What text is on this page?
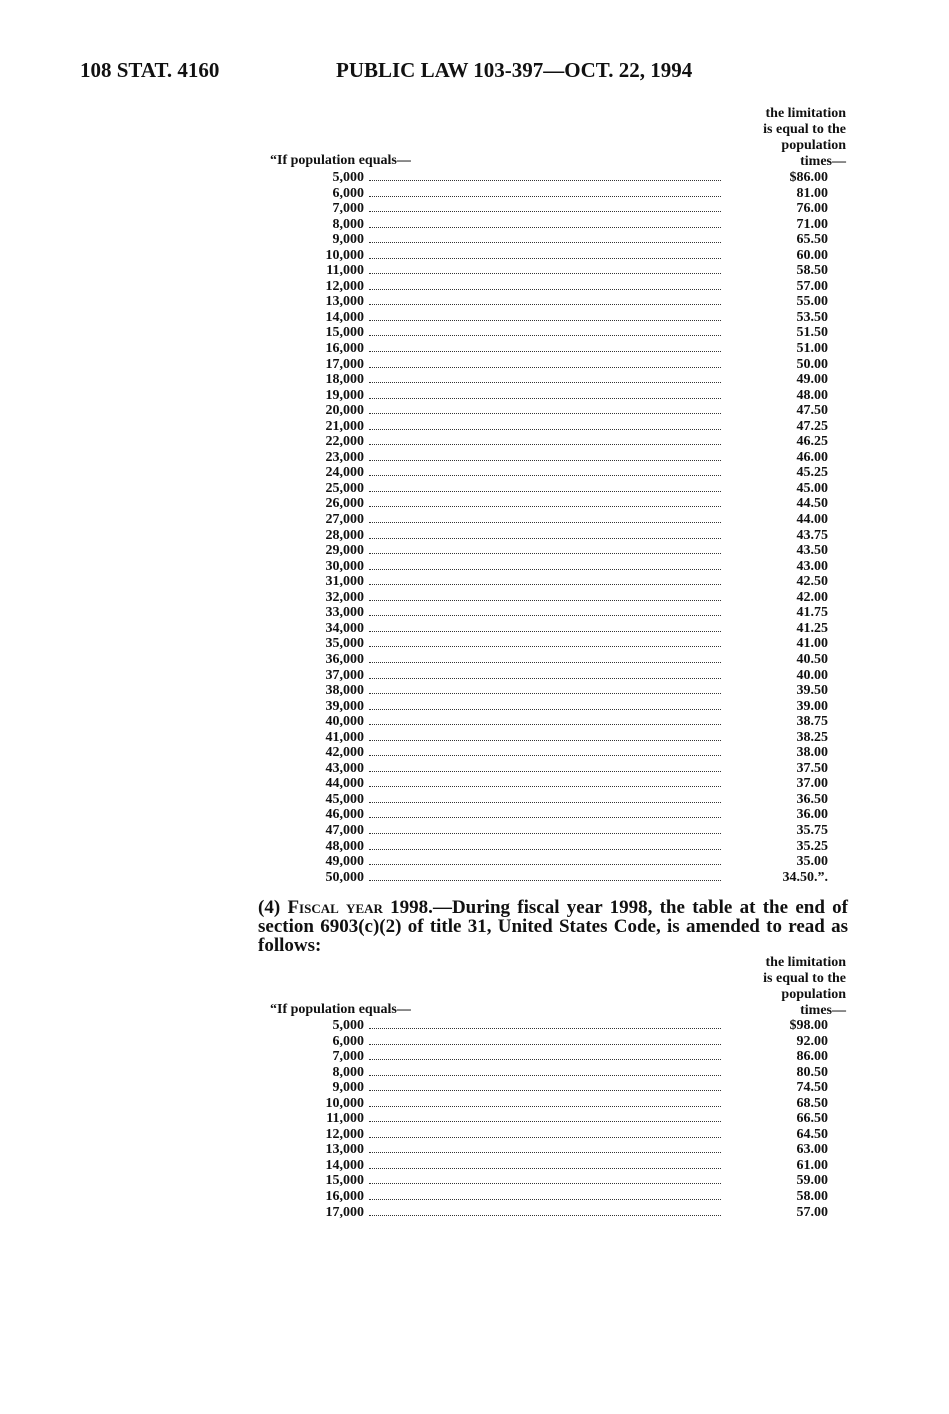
108 STAT. 4160	PUBLIC LAW 103-397—OCT. 22, 1994
the limitation
is equal to the
population
times—
“If population equals—
5,000	$86.00
6,000	81.00
7,000	76.00
8,000	71.00
9,000	65.50
10,000	60.00
11,000	58.50
12,000	57.00
13,000	55.00
14,000	53.50
15,000	51.50
16,000	51.00
17,000	50.00
18,000	49.00
19,000	48.00
20,000	47.50
21,000	47.25
22,000	46.25
23,000	46.00
24,000	45.25
25,000	45.00
26,000	44.50
27,000	44.00
28,000	43.75
29,000	43.50
30,000	43.00
31,000	42.50
32,000	42.00
33,000	41.75
34,000	41.25
35,000	41.00
36,000	40.50
37,000	40.00
38,000	39.50
39,000	39.00
40,000	38.75
41,000	38.25
42,000	38.00
43,000	37.50
44,000	37.00
45,000	36.50
46,000	36.00
47,000	35.75
48,000	35.25
49,000	35.00
50,000	34.50.”.
(4) Fiscal year 1998.—During fiscal year 1998, the table at the end of section 6903(c)(2) of title 31, United States Code, is amended to read as follows:
the limitation
is equal to the
population
times—
“If population equals—
5,000	$98.00
6,000	92.00
7,000	86.00
8,000	80.50
9,000	74.50
10,000	68.50
11,000	66.50
12,000	64.50
13,000	63.00
14,000	61.00
15,000	59.00
16,000	58.00
17,000	57.00
